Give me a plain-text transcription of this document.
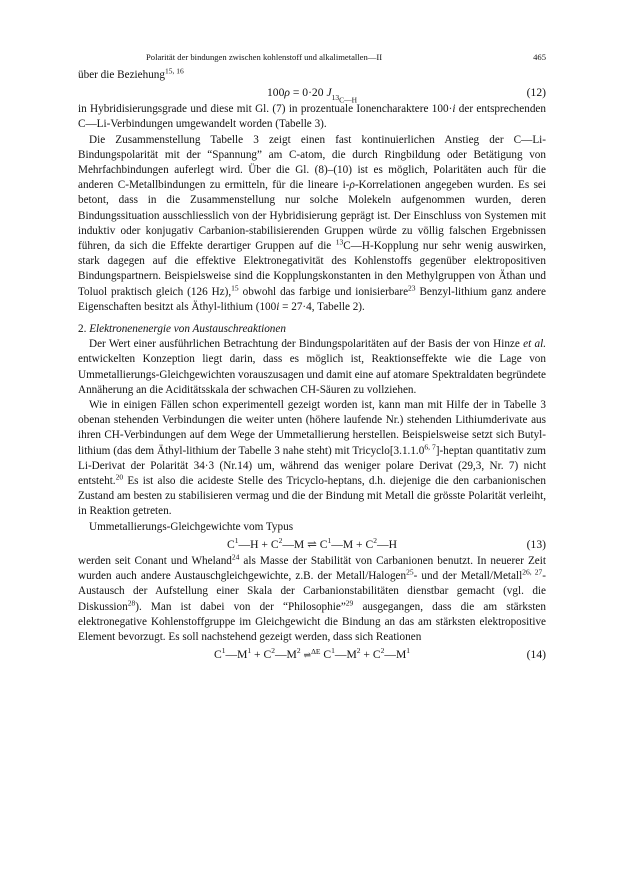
Polarität der bindungen zwischen kohlenstoff und alkalimetallen—II	465

über die Beziehung$^{15, 16}$

100ρ = 0·20 $J_{13_{C—H}}$
(12)

in Hybridisierungsgrade und diese mit Gl. (7) in prozentuale Ionencharaktere 100·i der entsprechenden C—Li-Verbindungen umgewandelt worden (Tabelle 3).

Die Zusammenstellung Tabelle 3 zeigt einen fast kontinuierlichen Anstieg der C—Li-Bindungspolarität mit der “Spannung” am C-atom, die durch Ringbildung oder Betätigung von Mehrfachbindungen auferlegt wird. Über die Gl. (8)–(10) ist es möglich, Polaritäten auch für die anderen C-Metallbindungen zu ermitteln, für die lineare i-ρ-Korrelationen angegeben wurden. Es sei betont, dass in die Zusammenstellung nur solche Molekeln aufgenommen wurden, deren Bindungssituation ausschliesslich von der Hybridisierung geprägt ist. Der Einschluss von Systemen mit induktiv oder konjugativ Carbanion-stabilisierenden Gruppen würde zu völlig falschen Ergebnissen führen, da sich die Effekte derartiger Gruppen auf die $^{13}$C—H-Kopplung nur sehr wenig auswirken, stark dagegen auf die effektive Elektronegativität des Kohlenstoffs gegenüber elektropositiven Bindungspartnern. Beispielsweise sind die Kopplungskonstanten in den Methylgruppen von Äthan und Toluol praktisch gleich (126 Hz),$^{15}$ obwohl das farbige und ionisierbare$^{23}$ Benzyl-lithium ganz andere Eigenschaften besitzt als Äthyl-lithium (100i = 27·4, Tabelle 2).

2. Elektronenenergie von Austauschreaktionen

Der Wert einer ausführlichen Betrachtung der Bindungspolaritäten auf der Basis der von Hinze et al. entwickelten Konzeption liegt darin, dass es möglich ist, Reaktionseffekte wie die Lage von Ummetallierungs-Gleichgewichten vorauszusagen und damit eine auf atomare Spektraldaten begründete Annäherung an die Aciditätsskala der schwachen CH-Säuren zu vollziehen.

Wie in einigen Fällen schon experimentell gezeigt worden ist, kann man mit Hilfe der in Tabelle 3 obenan stehenden Verbindungen die weiter unten (höhere laufende Nr.) stehenden Lithiumderivate aus ihren CH-Verbindungen auf dem Wege der Ummetallierung herstellen. Beispielsweise setzt sich Butyl-lithium (das dem Äthyl-lithium der Tabelle 3 nahe steht) mit Tricyclo[3.1.1.0$^{6, 7}$]-heptan quantitativ zum Li-Derivat der Polarität 34·3 (Nr.14) um, während das weniger polare Derivat (29,3, Nr. 7) nicht entsteht.$^{20}$ Es ist also die acideste Stelle des Tricyclo-heptans, d.h. diejenige die den carbanionischen Zustand am besten zu stabilisieren vermag und die der Bindung mit Metall die grösste Polarität verleiht, in Reaktion getreten.

Ummetallierungs-Gleichgewichte vom Typus

$C^1—H$ + $C^2—M$ ⇌ $C^1—M$ + $C^2—H$	(13)

werden seit Conant und Wheland$^{24}$ als Masse der Stabilität von Carbanionen benutzt. In neuerer Zeit wurden auch andere Austauschgleichgewichte, z.B. der Metall/Halogen$^{25}$- und der Metall/Metall$^{26, 27}$-Austausch der Aufstellung einer Skala der Carbanionstabilitäten dienstbar gemacht (vgl. die Diskussion$^{28}$). Man ist dabei von der “Philosophie”$^{29}$ ausgegangen, dass die am stärksten elektronegative Kohlenstoffgruppe im Gleichgewicht die Bindung an das am stärksten elektropositive Element bevorzugt. Es soll nachstehend gezeigt werden, dass sich Reationen

$C^1—M^1$ + $C^2—M^2$ ⇌$^{\Delta E}$ $C^1—M^2$ + $C^2—M^1$	(14)
